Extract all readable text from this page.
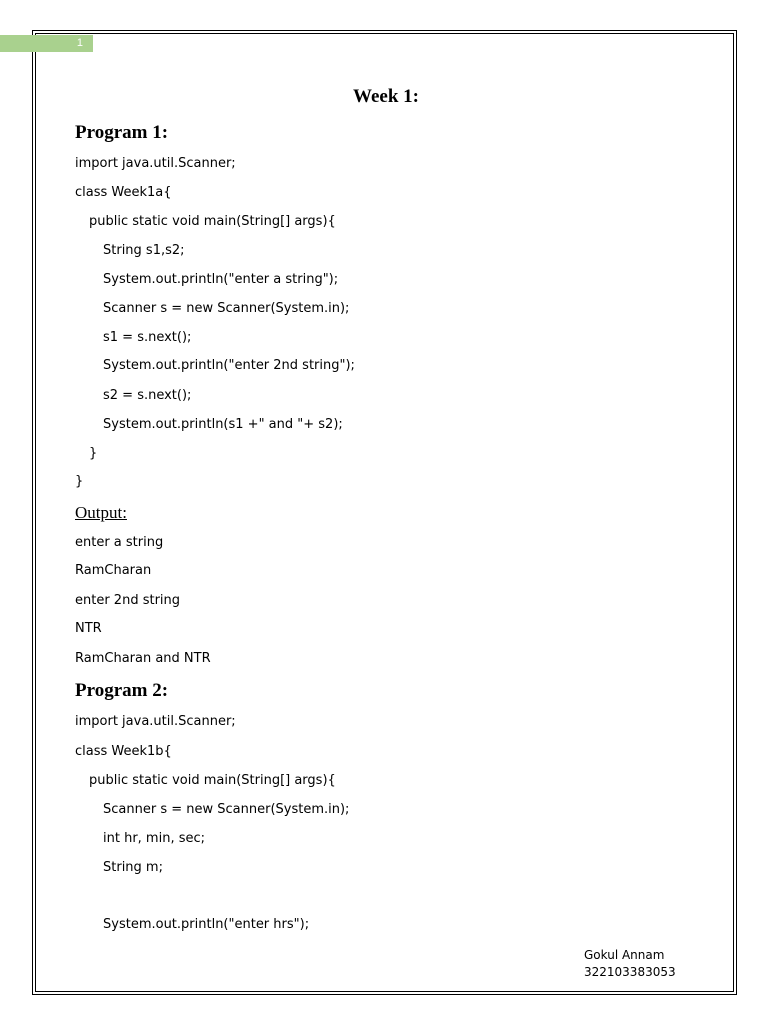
1
Week 1:
Program 1:
import java.util.Scanner;
class Week1a{
public static void main(String[] args){
String s1,s2;
System.out.println("enter a string");
Scanner s = new Scanner(System.in);
s1 = s.next();
System.out.println("enter 2nd string");
s2 = s.next();
System.out.println(s1 +" and "+ s2);
}
}
Output:
enter a string
RamCharan
enter 2nd string
NTR
RamCharan and NTR
Program 2:
import java.util.Scanner;
class Week1b{
public static void main(String[] args){
Scanner s = new Scanner(System.in);
int hr, min, sec;
String m;
System.out.println("enter hrs");
Gokul Annam
322103383053
